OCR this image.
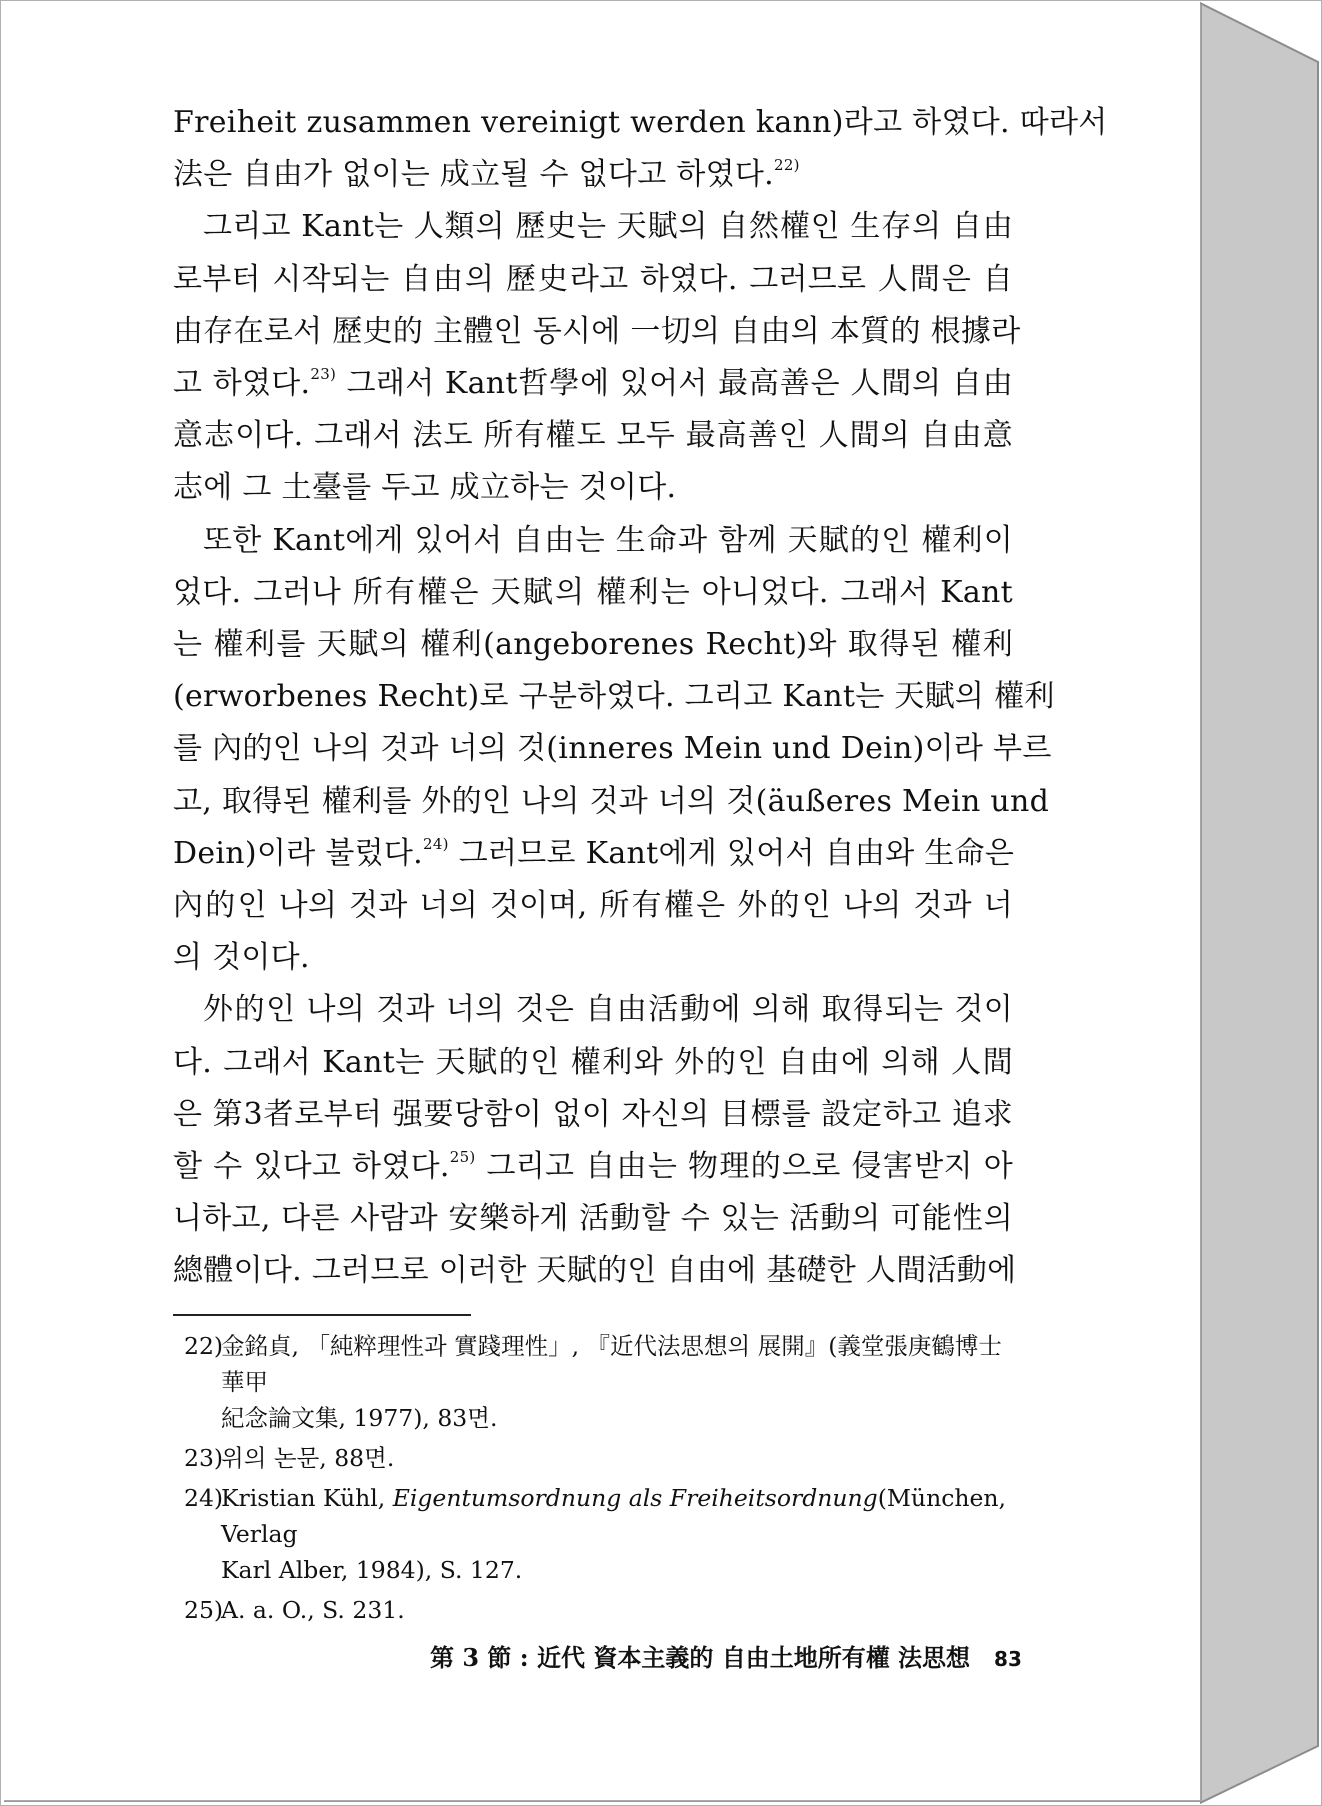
Freiheit zusammen vereinigt werden kann)라고 하였다. 따라서
法은 自由가 없이는 成立될 수 없다고 하였다.$^{22)}$

그리고 Kant는 人類의 歷史는 天賦의 自然權인 生存의 自由
로부터 시작되는 自由의 歷史라고 하였다. 그러므로 人間은 自
由存在로서 歷史的 主體인 동시에 一切의 自由의 本質的 根據라
고 하였다.$^{23)}$ 그래서 Kant哲學에 있어서 最高善은 人間의 自由
意志이다. 그래서 法도 所有權도 모두 最高善인 人間의 自由意
志에 그 土臺를 두고 成立하는 것이다.

또한 Kant에게 있어서 自由는 生命과 함께 天賦的인 權利이
었다. 그러나 所有權은 天賦의 權利는 아니었다. 그래서 Kant
는 權利를 天賦의 權利(angeborenes Recht)와 取得된 權利
(erworbenes Recht)로 구분하였다. 그리고 Kant는 天賦의 權利
를 內的인 나의 것과 너의 것(inneres Mein und Dein)이라 부르
고, 取得된 權利를 外的인 나의 것과 너의 것(äußeres Mein und
Dein)이라 불렀다.$^{24)}$ 그러므로 Kant에게 있어서 自由와 生命은
內的인 나의 것과 너의 것이며, 所有權은 外的인 나의 것과 너
의 것이다.

外的인 나의 것과 너의 것은 自由活動에 의해 取得되는 것이
다. 그래서 Kant는 天賦的인 權利와 外的인 自由에 의해 人間
은 第3者로부터 强要당함이 없이 자신의 目標를 設定하고 追求
할 수 있다고 하였다.$^{25)}$ 그리고 自由는 物理的으로 侵害받지 아
니하고, 다른 사람과 安樂하게 活動할 수 있는 活動의 可能性의
總體이다. 그러므로 이러한 天賦的인 自由에 基礎한 人間活動에

22)
金銘貞, 「純粹理性과 實踐理性」, 『近代法思想의 展開』(義堂張庚鶴博士華甲
紀念論文集, 1977), 83면.
23)
위의 논문, 88면.
24)
Kristian Kühl, Eigentumsordnung als Freiheitsordnung(München, Verlag
Karl Alber, 1984), S. 127.
25)
A. a. O., S. 231.
第 3 節 : 近代 資本主義的 自由土地所有權 法思想 83
